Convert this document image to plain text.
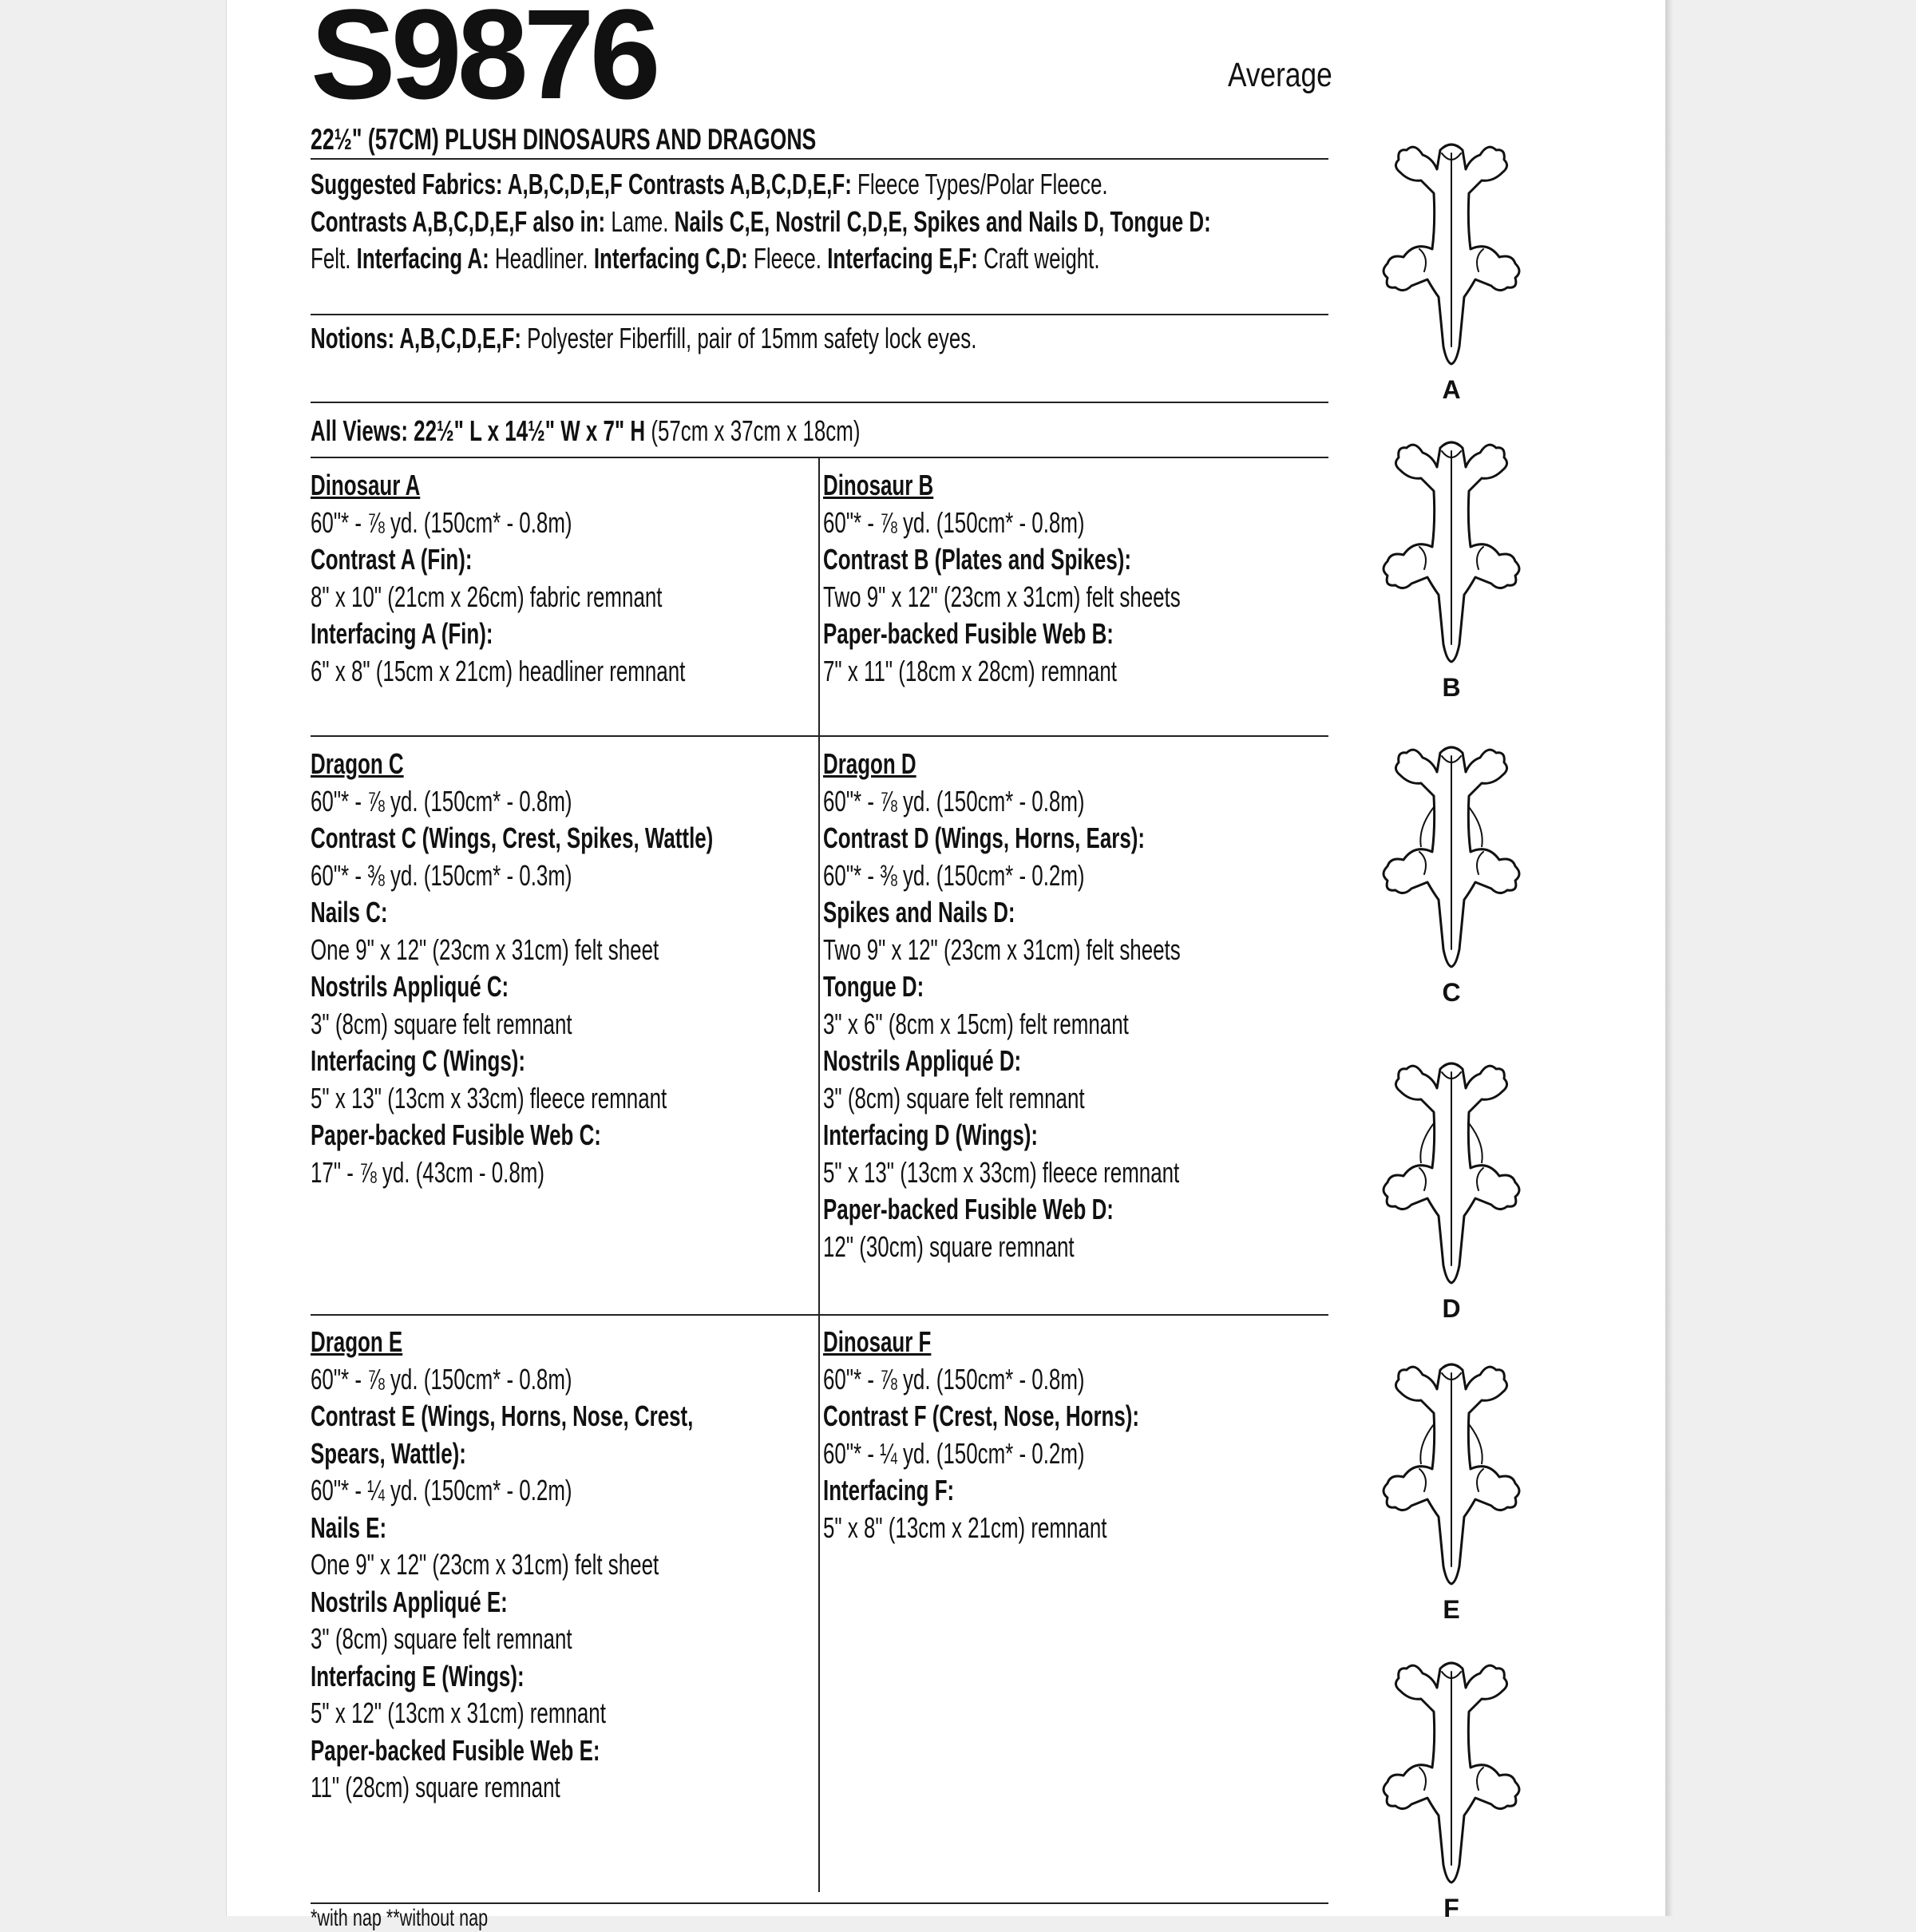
S9876	Average
22½" (57CM) PLUSH DINOSAURS AND DRAGONS
Suggested Fabrics: A,B,C,D,E,F Contrasts A,B,C,D,E,F: Fleece Types/Polar Fleece.
Contrasts A,B,C,D,E,F also in: Lame. Nails C,E, Nostril C,D,E, Spikes and Nails D, Tongue D:
Felt. Interfacing A: Headliner. Interfacing C,D: Fleece. Interfacing E,F: Craft weight.
Notions: A,B,C,D,E,F: Polyester Fiberfill, pair of 15mm safety lock eyes.
All Views: 22½" L x 14½" W x 7" H (57cm x 37cm x 18cm)
Dinosaur A
60"* - ⅞ yd. (150cm* - 0.8m)
Contrast A (Fin):
8" x 10" (21cm x 26cm) fabric remnant
Interfacing A (Fin):
6" x 8" (15cm x 21cm) headliner remnant
Dinosaur B
60"* - ⅞ yd. (150cm* - 0.8m)
Contrast B (Plates and Spikes):
Two 9" x 12" (23cm x 31cm) felt sheets
Paper-backed Fusible Web B:
7" x 11" (18cm x 28cm) remnant
Dragon C
60"* - ⅞ yd. (150cm* - 0.8m)
Contrast C (Wings, Crest, Spikes, Wattle)
60"* - ⅜ yd. (150cm* - 0.3m)
Nails C:
One 9" x 12" (23cm x 31cm) felt sheet
Nostrils Appliqué C:
3" (8cm) square felt remnant
Interfacing C (Wings):
5" x 13" (13cm x 33cm) fleece remnant
Paper-backed Fusible Web C:
17" - ⅞ yd. (43cm - 0.8m)
Dragon D
60"* - ⅞ yd. (150cm* - 0.8m)
Contrast D (Wings, Horns, Ears):
60"* - ⅜ yd. (150cm* - 0.2m)
Spikes and Nails D:
Two 9" x 12" (23cm x 31cm) felt sheets
Tongue D:
3" x 6" (8cm x 15cm) felt remnant
Nostrils Appliqué D:
3" (8cm) square felt remnant
Interfacing D (Wings):
5" x 13" (13cm x 33cm) fleece remnant
Paper-backed Fusible Web D:
12" (30cm) square remnant
Dragon E
60"* - ⅞ yd. (150cm* - 0.8m)
Contrast E (Wings, Horns, Nose, Crest,
Spears, Wattle):
60"* - ¼ yd. (150cm* - 0.2m)
Nails E:
One 9" x 12" (23cm x 31cm) felt sheet
Nostrils Appliqué E:
3" (8cm) square felt remnant
Interfacing E (Wings):
5" x 12" (13cm x 31cm) remnant
Paper-backed Fusible Web E:
11" (28cm) square remnant
Dinosaur F
60"* - ⅞ yd. (150cm* - 0.8m)
Contrast F (Crest, Nose, Horns):
60"* - ¼ yd. (150cm* - 0.2m)
Interfacing F:
5" x 8" (13cm x 21cm) remnant
A
B
C
D
E
F
*with nap **without nap
